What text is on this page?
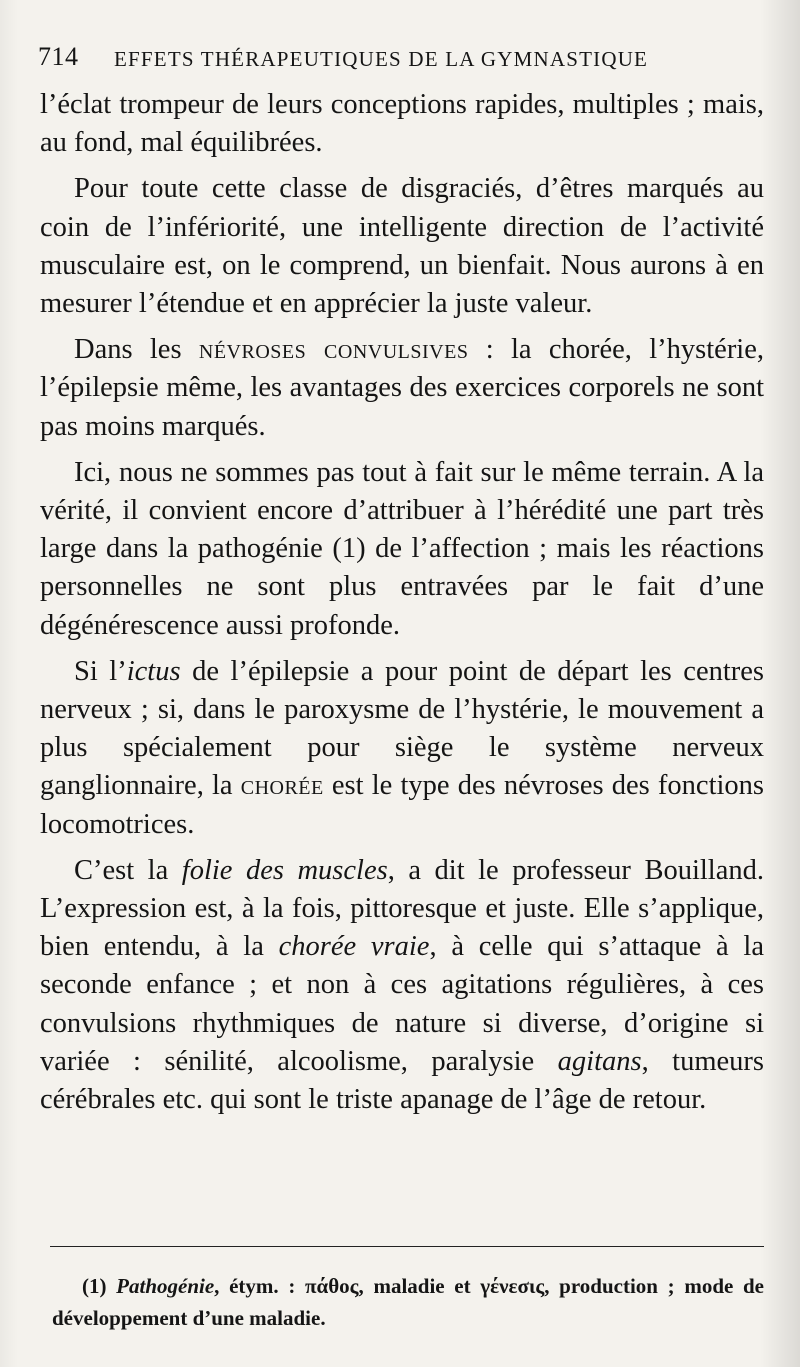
714 EFFETS THÉRAPEUTIQUES DE LA GYMNASTIQUE

l’éclat trompeur de leurs conceptions rapides, multiples ; mais, au fond, mal équilibrées.

Pour toute cette classe de disgraciés, d’êtres marqués au coin de l’infériorité, une intelligente direction de l’activité musculaire est, on le comprend, un bienfait. Nous aurons à en mesurer l’étendue et en apprécier la juste valeur.

Dans les névroses convulsives : la chorée, l’hystérie, l’épilepsie même, les avantages des exercices corporels ne sont pas moins marqués.

Ici, nous ne sommes pas tout à fait sur le même terrain. A la vérité, il convient encore d’attribuer à l’hérédité une part très large dans la pathogénie (1) de l’affection ; mais les réactions personnelles ne sont plus entravées par le fait d’une dégénérescence aussi profonde.

Si l’ictus de l’épilepsie a pour point de départ les centres nerveux ; si, dans le paroxysme de l’hystérie, le mouvement a plus spécialement pour siège le système nerveux ganglionnaire, la chorée est le type des névroses des fonctions locomotrices.

C’est la folie des muscles, a dit le professeur Bouilland. L’expression est, à la fois, pittoresque et juste. Elle s’applique, bien entendu, à la chorée vraie, à celle qui s’attaque à la seconde enfance ; et non à ces agitations régulières, à ces convulsions rhythmiques de nature si diverse, d’origine si variée : sénilité, alcoolisme, paralysie agitans, tumeurs cérébrales etc. qui sont le triste apanage de l’âge de retour.

(1) Pathogénie, étym. : πάθος, maladie et γένεσις, production ; mode de développement d’une maladie.
